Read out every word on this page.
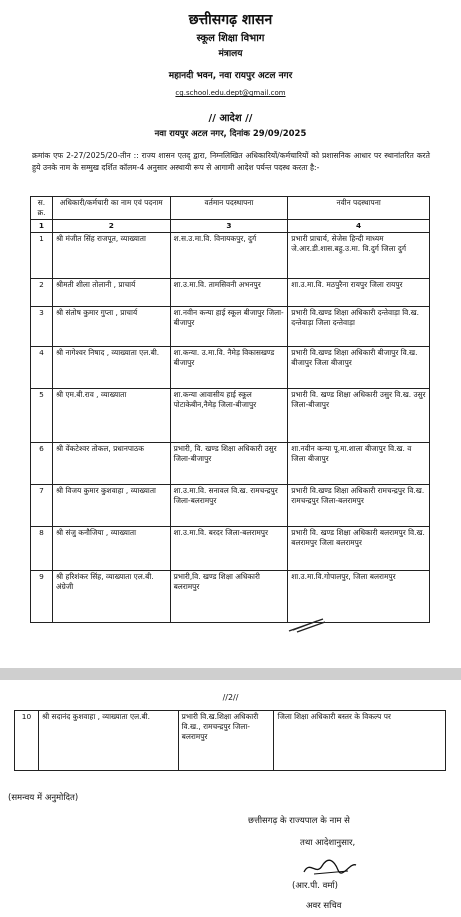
छत्तीसगढ़ शासन
स्कूल शिक्षा विभाग
मंत्रालय
महानदी भवन, नवा रायपुर अटल नगर
cg.school.edu.dept@gmail.com
// आदेश //
नवा रायपुर अटल नगर, दिनांक 29/09/2025
क्रमांक एफ 2-27/2025/20-तीन :: राज्य शासन एतद् द्वारा, निम्नलिखित अधिकारियों/कर्मचारियों को प्रशासनिक आधार पर स्थानांतरित करते हुये उनके नाम के सम्मुख दर्शित कॉलम-4 अनुसार अस्थायी रूप से आगामी आदेश पर्यन्त पदस्थ करता है:-
स. क्र.	अधिकारी/कर्मचारी का नाम एवं पदनाम	वर्तमान पदस्थापना	नवीन पदस्थापना
1	2	3	4
1	श्री मंजीत सिंह राजपूत, व्याख्याता	श.स.उ.मा.वि. विनायकपुर, दुर्ग	प्रभारी प्राचार्य, सेजेस हिन्दी माध्यम जे.आर.डी.शास.बहु.उ.मा. वि.दुर्ग जिला दुर्ग
2	श्रीमती शीला तोलानी , प्राचार्य	शा.उ.मा.वि. तामसिवनी अभनपुर	शा.उ.मा.वि. मठपुरैना रायपुर जिला रायपुर
3	श्री संतोष कुमार गुप्ता , प्राचार्य	शा.नवीन कन्या हाई स्कूल बीजापुर जिला-बीजापुर	प्रभारी वि.खण्ड शिक्षा अधिकारी दन्तेवाड़ा वि.ख. दन्तेवाड़ा जिला दन्तेवाड़ा
4	श्री नागेश्वर निषाद , व्याख्याता एल.बी.	शा.कन्या. उ.मा.वि. नैमेड़ विकासखण्ड बीजापुर	प्रभारी वि.खण्ड शिक्षा अधिकारी बीजापुर वि.ख. बीजापुर जिला बीजापुर
5	श्री एम.बी.राव , व्याख्याता	शा.कन्या आवासीय हाई स्कूल पोटाकेबीन,नैमेड़ जिला-बीजापुर	प्रभारी वि. खण्ड शिक्षा अधिकारी उसुर वि.ख. उसुर जिला-बीजापुर
6	श्री वेंकटेश्वर तोकल, प्रधानपाठक	प्रभारी, वि. खण्ड शिक्षा अधिकारी उसुर जिला-बीजापुर	शा.नवीन कन्या पू.मा.शाला बीजापुर वि.ख. व जिला बीजापुर
7	श्री विजय कुमार कुशवाहा , व्याख्याता	शा.उ.मा.वि. सनावल वि.ख. रामचन्द्रपुर जिला-बलरामपुर	प्रभारी वि.खण्ड शिक्षा अधिकारी रामचन्द्रपुर वि.ख. रामचन्द्रपुर जिला-बलरामपुर
8	श्री संजु कनौजिया , व्याख्याता	शा.उ.मा.वि. बरदर जिला-बलरामपुर	प्रभारी वि. खण्ड शिक्षा अधिकारी बलरामपुर वि.ख. बलरामपुर जिला बलरामपुर
9	श्री हरिशंकर सिंह, व्याख्याता एल.बी. अंग्रेजी	प्रभारी,वि. खण्ड शिक्षा अधिकारी बलरामपुर	शा.उ.मा.वि.गोपालपुर, जिला बलरामपुर
//2//
10	श्री सदानंद कुशवाहा , व्याख्याता एल.बी.	प्रभारी वि.ख.शिक्षा अधिकारी वि.ख., रामचन्द्रपुर जिला-बलरामपुर	जिला शिक्षा अधिकारी बस्तर के विकल्प पर
(समन्वय में अनुमोदित)
छत्तीसगढ़ के राज्यपाल के नाम से
तथा आदेशानुसार,
(आर.पी. वर्मा)
अवर सचिव
